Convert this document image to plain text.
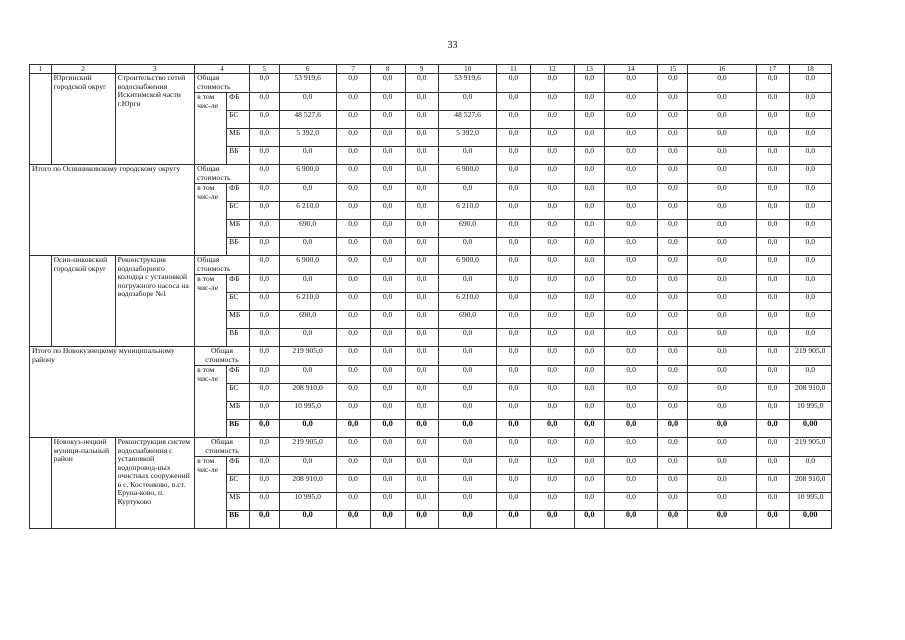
33
1	2	3	4		5	6	7	8	9	10	11	12	13	14	15	16	17	18
	Юргинский городской округ	Строительство сетей водоснабжения Искитимской части г.Юрги	Общая стоимость		0,0	53 919,6	0,0	0,0	0,0	53 919,6	0,0	0,0	0,0	0,0	0,0	0,0	0,0	0,0
			в том чис-ле	ФБ	0,0	0,0	0,0	0,0	0,0	0,0	0,0	0,0	0,0	0,0	0,0	0,0	0,0	0,0
				БС	0,0	48 527,6	0,0	0,0	0,0	48 527,6	0,0	0,0	0,0	0,0	0,0	0,0	0,0	0,0
				МБ	0,0	5 392,0	0,0	0,0	0,0	5 392,0	0,0	0,0	0,0	0,0	0,0	0,0	0,0	0,0
				ВБ	0,0	0,0	0,0	0,0	0,0	0,0	0,0	0,0	0,0	0,0	0,0	0,0	0,0	0,0
Итого по Осинниковскому городскому округу			Общая стоимость		0,0	6 900,0	0,0	0,0	0,0	6 900,0	0,0	0,0	0,0	0,0	0,0	0,0	0,0	0,0
			в том чис-ле	ФБ	0,0	0,0	0,0	0,0	0,0	0,0	0,0	0,0	0,0	0,0	0,0	0,0	0,0	0,0
				БС	0,0	6 210,0	0,0	0,0	0,0	6 210,0	0,0	0,0	0,0	0,0	0,0	0,0	0,0	0,0
				МБ	0,0	690,0	0,0	0,0	0,0	690,0	0,0	0,0	0,0	0,0	0,0	0,0	0,0	0,0
				ВБ	0,0	0,0	0,0	0,0	0,0	0,0	0,0	0,0	0,0	0,0	0,0	0,0	0,0	0,0
	Осин-никовский городской округ	Реконструкция водозаборного колодца с установкой погружного насоса на водозаборе №1	Общая стоимость		0,0	6 900,0	0,0	0,0	0,0	6 900,0	0,0	0,0	0,0	0,0	0,0	0,0	0,0	0,0
			в том чис-ле	ФБ	0,0	0,0	0,0	0,0	0,0	0,0	0,0	0,0	0,0	0,0	0,0	0,0	0,0	0,0
				БС	0,0	6 210,0	0,0	0,0	0,0	6 210,0	0,0	0,0	0,0	0,0	0,0	0,0	0,0	0,0
				МБ	0,0	690,0	0,0	0,0	0,0	690,0	0,0	0,0	0,0	0,0	0,0	0,0	0,0	0,0
				ВБ	0,0	0,0	0,0	0,0	0,0	0,0	0,0	0,0	0,0	0,0	0,0	0,0	0,0	0,0
Итого по Новокузнецкому муниципальному району			Общая стоимость		0,0	219 905,0	0,0	0,0	0,0	0,0	0,0	0,0	0,0	0,0	0,0	0,0	0,0	219 905,0
			в том чис-ле	ФБ	0,0	0,0	0,0	0,0	0,0	0,0	0,0	0,0	0,0	0,0	0,0	0,0	0,0	0,0
				БС	0,0	208 910,0	0,0	0,0	0,0	0,0	0,0	0,0	0,0	0,0	0,0	0,0	0,0	208 910,0
				МБ	0,0	10 995,0	0,0	0,0	0,0	0,0	0,0	0,0	0,0	0,0	0,0	0,0	0,0	10 995,0
				ВБ	0,0	0,0	0,0	0,0	0,0	0,0	0,0	0,0	0,0	0,0	0,0	0,0	0,0	0,00
	Новокуз-нецкий муници-пальный район	Реконструкция систем водоснабжения с установкой водопровод-ных очистных сооружений в с. Костенково, п.ст. Ерунa-ково, п. Куртуково	Общая стоимость		0,0	219 905,0	0,0	0,0	0,0	0,0	0,0	0,0	0,0	0,0	0,0	0,0	0,0	219 905,0
			в том чис-ле	ФБ	0,0	0,0	0,0	0,0	0,0	0,0	0,0	0,0	0,0	0,0	0,0	0,0	0,0	0,0
				БС	0,0	208 910,0	0,0	0,0	0,0	0,0	0,0	0,0	0,0	0,0	0,0	0,0	0,0	208 910,0
				МБ	0,0	10 995,0	0,0	0,0	0,0	0,0	0,0	0,0	0,0	0,0	0,0	0,0	0,0	10 995,0
				ВБ	0,0	0,0	0,0	0,0	0,0	0,0	0,0	0,0	0,0	0,0	0,0	0,0	0,0	0,00
